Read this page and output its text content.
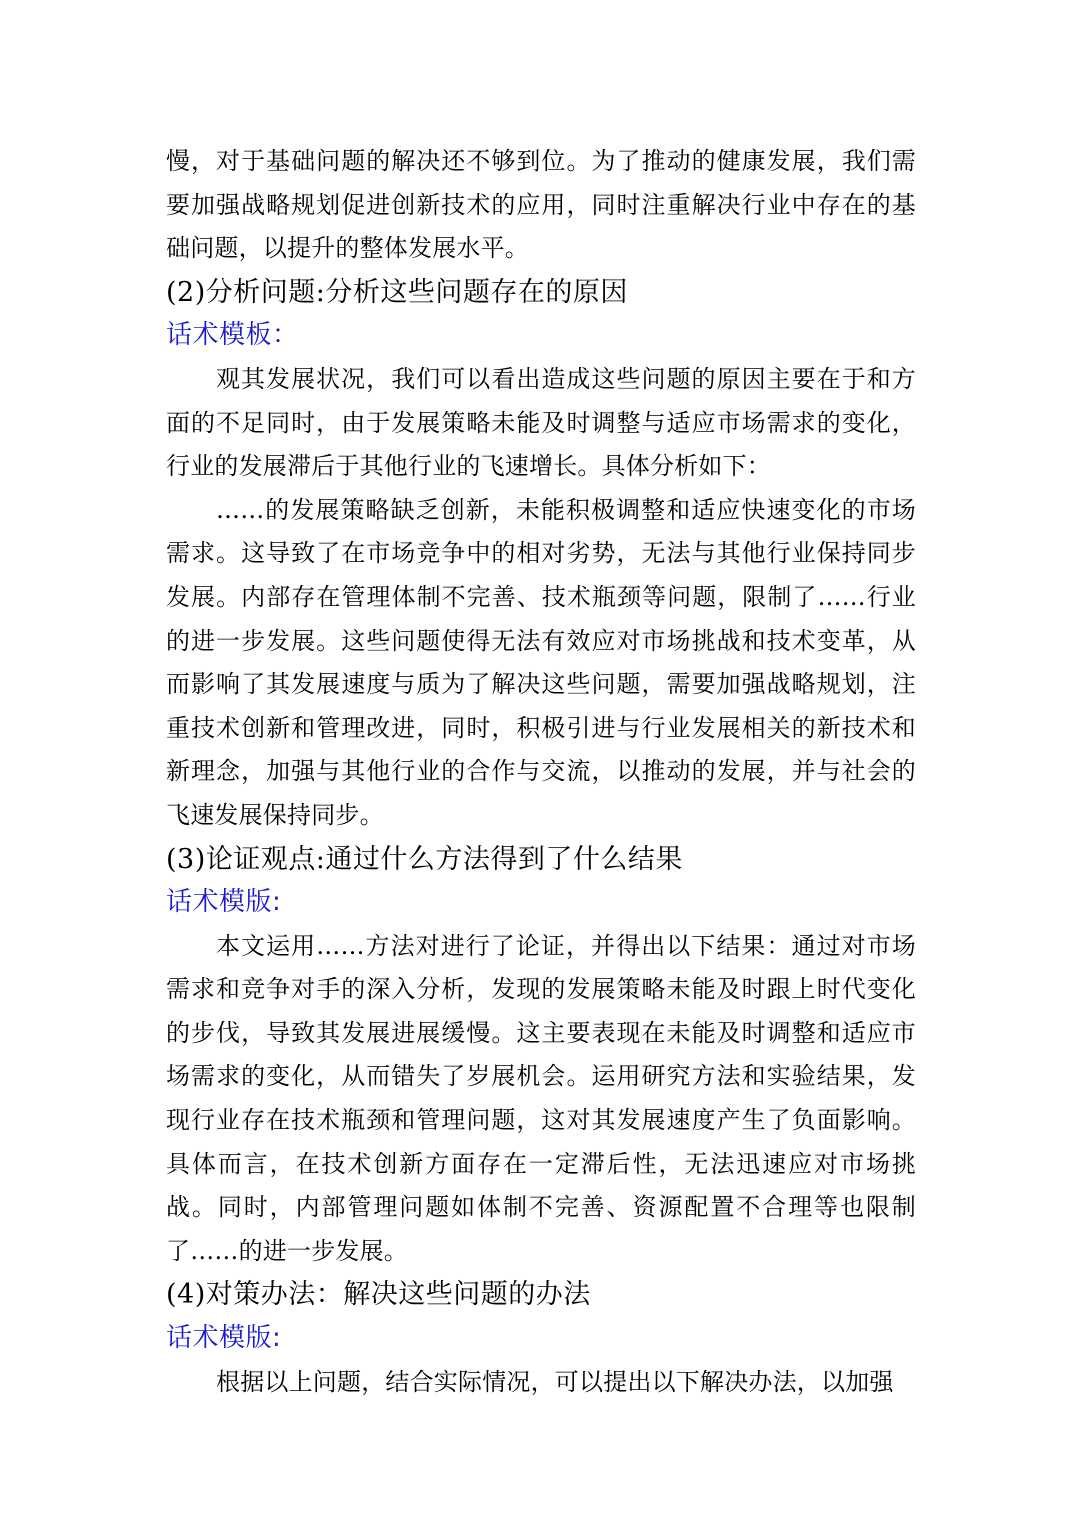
慢，对于基础问题的解决还不够到位。为了推动的健康发展，我们需要加强战略规划促进创新技术的应用，同时注重解决行业中存在的基础问题，以提升的整体发展水平。

(2)分析问题:分析这些问题存在的原因
话术模板：

观其发展状况，我们可以看出造成这些问题的原因主要在于和方面的不足同时，由于发展策略未能及时调整与适应市场需求的变化，行业的发展滞后于其他行业的飞速增长。具体分析如下：

……的发展策略缺乏创新，未能积极调整和适应快速变化的市场需求。这导致了在市场竞争中的相对劣势，无法与其他行业保持同步发展。内部存在管理体制不完善、技术瓶颈等问题，限制了……行业的进一步发展。这些问题使得无法有效应对市场挑战和技术变革，从而影响了其发展速度与质为了解决这些问题，需要加强战略规划，注重技术创新和管理改进，同时，积极引进与行业发展相关的新技术和新理念，加强与其他行业的合作与交流，以推动的发展，并与社会的飞速发展保持同步。

(3)论证观点:通过什么方法得到了什么结果
话术模版:

本文运用……方法对进行了论证，并得出以下结果：通过对市场需求和竞争对手的深入分析，发现的发展策略未能及时跟上时代变化的步伐，导致其发展进展缓慢。这主要表现在未能及时调整和适应市场需求的变化，从而错失了岁展机会。运用研究方法和实验结果，发现行业存在技术瓶颈和管理问题，这对其发展速度产生了负面影响。具体而言，在技术创新方面存在一定滞后性，无法迅速应对市场挑战。同时，内部管理问题如体制不完善、资源配置不合理等也限制了……的进一步发展。

(4)对策办法：解决这些问题的办法
话术模版:

根据以上问题，结合实际情况，可以提出以下解决办法，以加强
